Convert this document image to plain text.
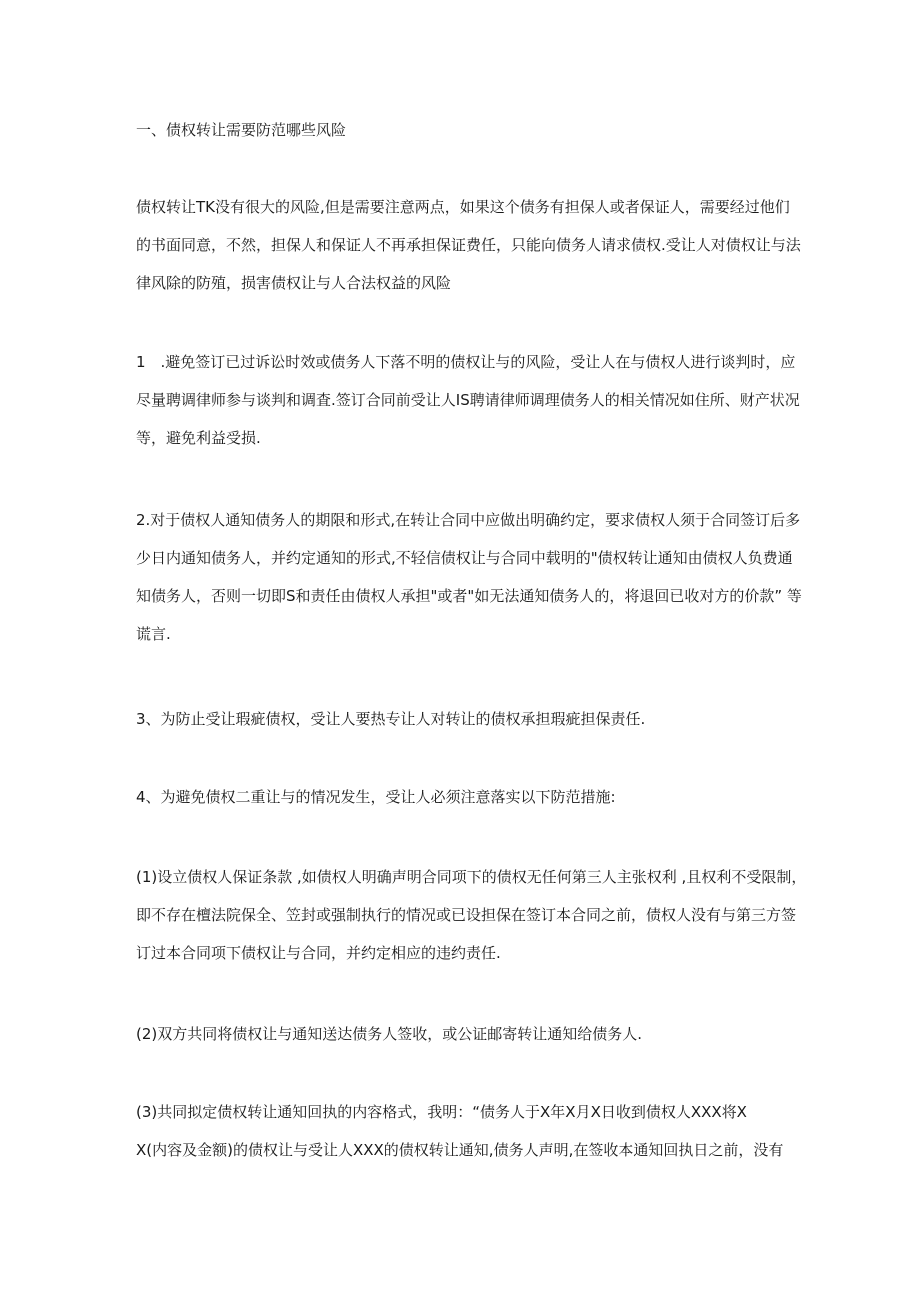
一、债权转让需要防范哪些风险
债权转让TK没有很大的风险,但是需要注意两点，如果这个债务有担保人或者保证人，需要经过他们
的书面同意，不然，担保人和保证人不再承担保证费任，只能向债务人请求债权.受让人对债权让与法
律风除的防殖，损害债权让与人合法权益的风险
1　.避免签订已过诉讼时效或债务人下落不明的债权让与的风险，受让人在与债权人进行谈判时，应
尽量聘调律师参与谈判和调査.签订合同前受让人IS聘请律师调理债务人的相关情况如住所、财产状况
等，避免利益受损.
2.对于债权人通知债务人的期限和形式,在转让合同中应做出明确约定，要求债权人须于合同签订后多
少日内通知债务人，并约定通知的形式,不轻信债权让与合同中载明的"债权转让通知由债权人负费通
知债务人，否则一切即S和责任由债权人承担"或者"如无法通知债务人的，将退回已收对方的价款” 等
谎言.
3、为防止受让瑕疵债权，受让人要热专让人对转让的债权承担瑕疵担保责任.
4、为避免债权二重让与的情况发生，受让人必须注意落实以下防范措施:
(1)设立债权人保证条款 ,如债权人明确声明合同项下的债权无任何第三人主张权利 ,且权利不受限制，
即不存在檀法院保全、笠封或强制执行的情况或已设担保在签订本合同之前，债权人没有与第三方签
订过本合同项下债权让与合同，并约定相应的违约责任.
(2)双方共同将债权让与通知送达债务人签收，或公证邮寄转让通知给债务人.
(3)共同拟定债权转让通知回执的内容格式，我明：“债务人于X年X月X日收到债权人XXX将X
X(内容及金额)的债权让与受让人XXX的债权转让通知,债务人声明,在签收本通知回执日之前，没有
